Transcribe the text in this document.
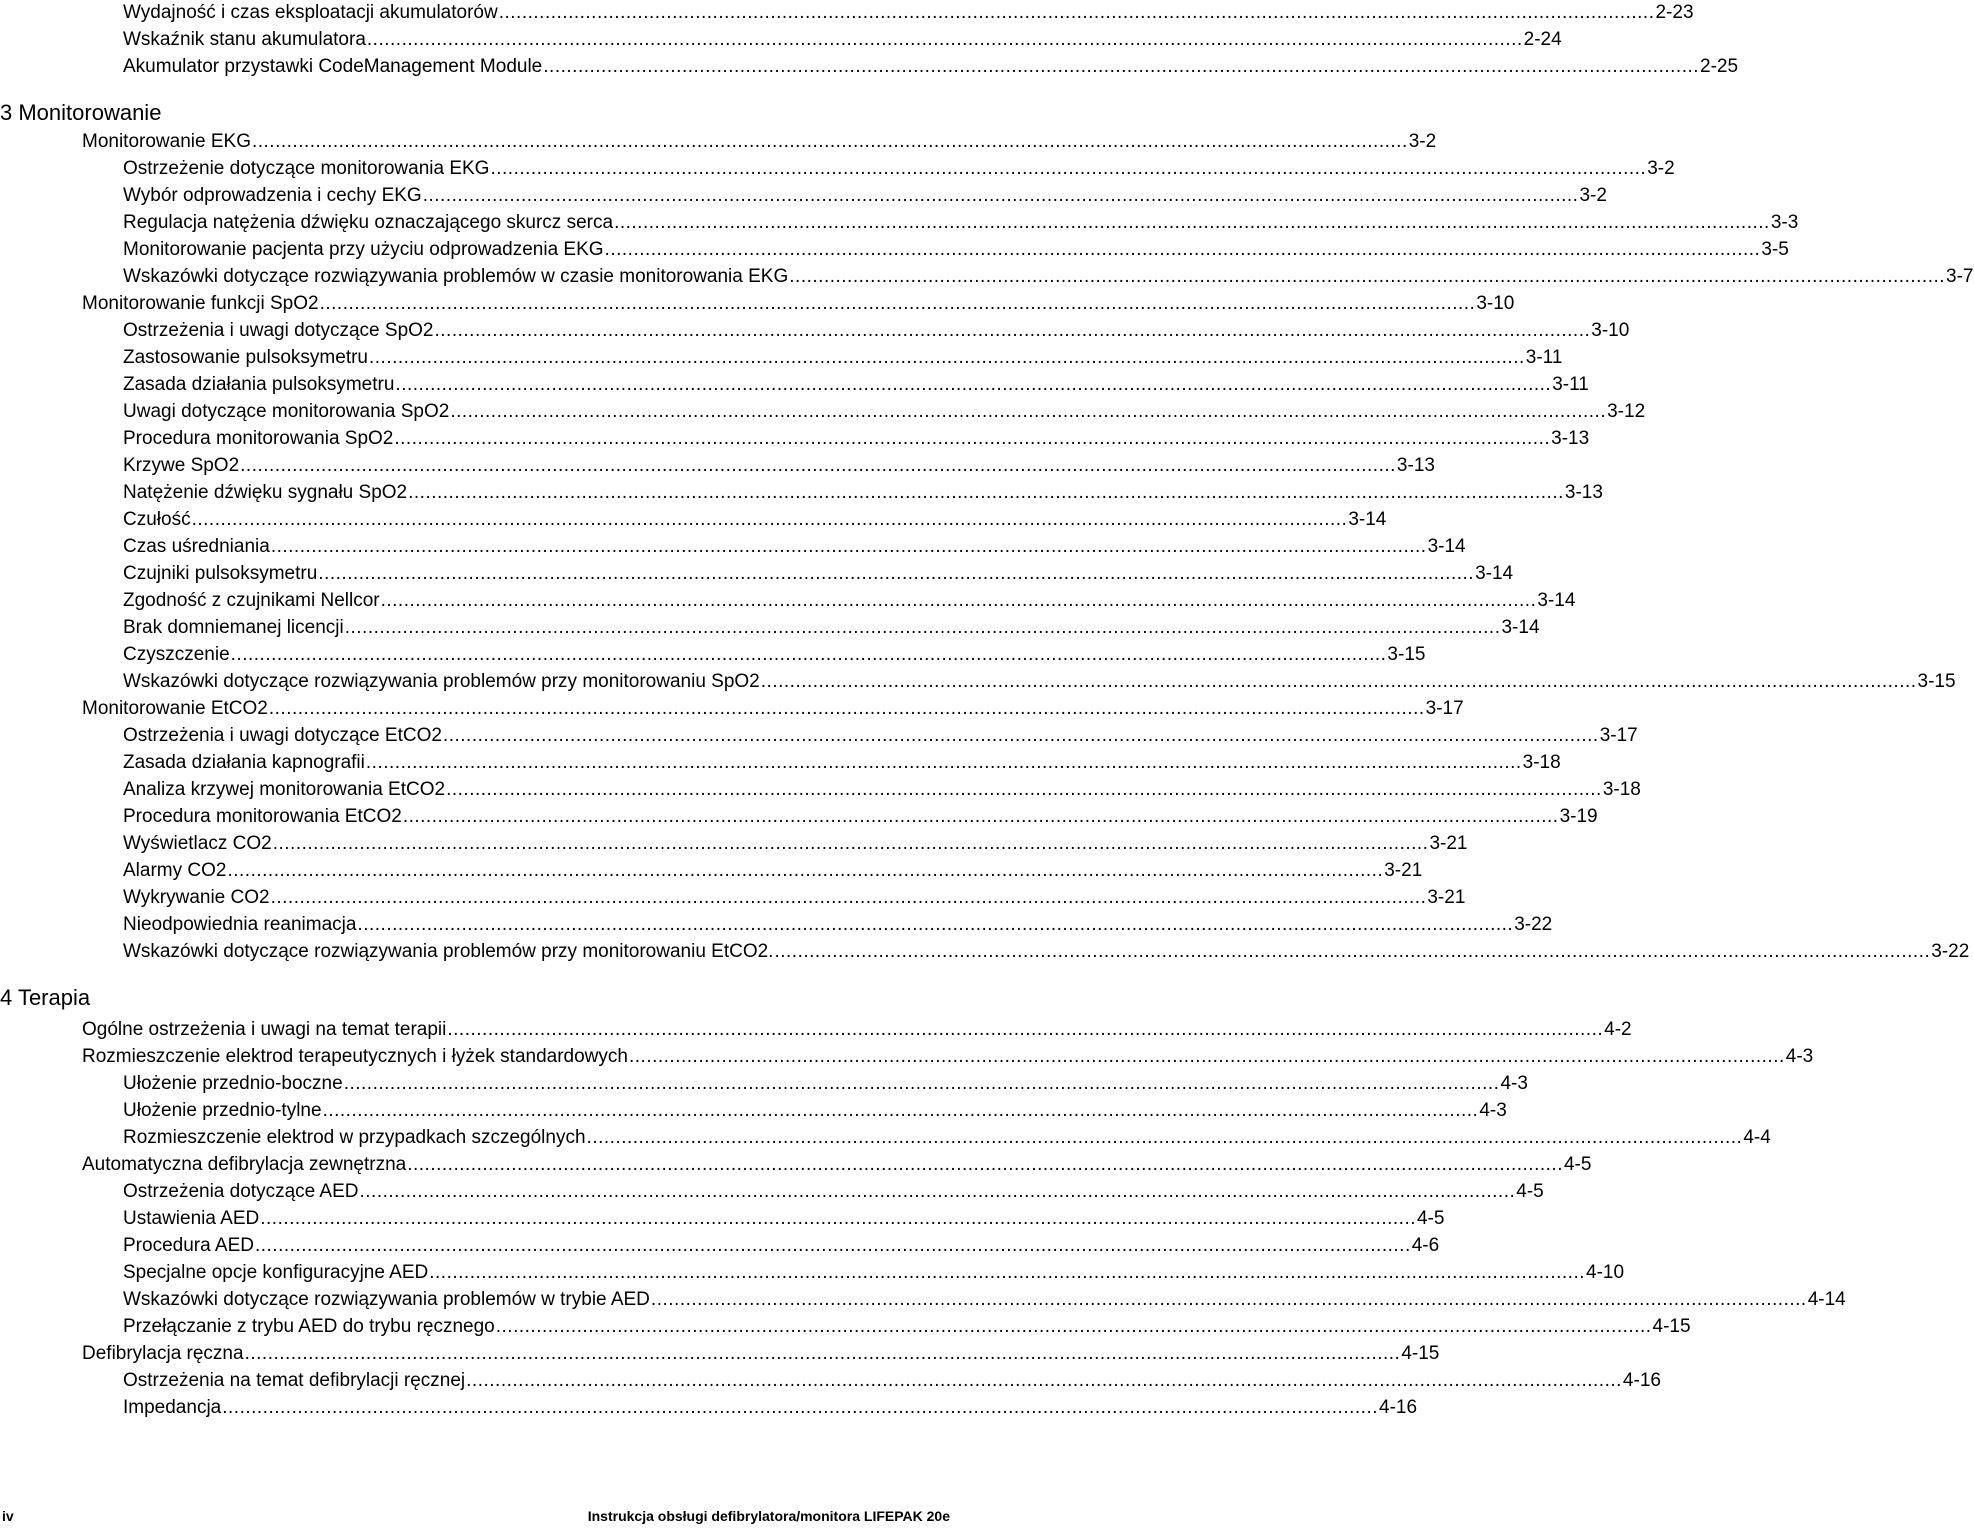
Wydajność i czas eksploatacji akumulatorów ........................................................................................................................................................................................................ 2-23
Wskaźnik stanu akumulatora ........................................................................................................................................................................................................ 2-24
Akumulator przystawki CodeManagement Module ........................................................................................................................................................................................................ 2-25
3 Monitorowanie
Monitorowanie EKG ........................................................................................................................................................................................................ 3-2
Ostrzeżenie dotyczące monitorowania EKG ........................................................................................................................................................................................................ 3-2
Wybór odprowadzenia i cechy EKG ........................................................................................................................................................................................................ 3-2
Regulacja natężenia dźwięku oznaczającego skurcz serca ........................................................................................................................................................................................................ 3-3
Monitorowanie pacjenta przy użyciu odprowadzenia EKG ........................................................................................................................................................................................................ 3-5
Wskazówki dotyczące rozwiązywania problemów w czasie monitorowania EKG ........................................................................................................................................................................................................ 3-7
Monitorowanie funkcji SpO2 ........................................................................................................................................................................................................ 3-10
Ostrzeżenia i uwagi dotyczące SpO2 ........................................................................................................................................................................................................ 3-10
Zastosowanie pulsoksymetru ........................................................................................................................................................................................................ 3-11
Zasada działania pulsoksymetru ........................................................................................................................................................................................................ 3-11
Uwagi dotyczące monitorowania SpO2 ........................................................................................................................................................................................................ 3-12
Procedura monitorowania SpO2 ........................................................................................................................................................................................................ 3-13
Krzywe SpO2 ........................................................................................................................................................................................................ 3-13
Natężenie dźwięku sygnału SpO2 ........................................................................................................................................................................................................ 3-13
Czułość ........................................................................................................................................................................................................ 3-14
Czas uśredniania ........................................................................................................................................................................................................ 3-14
Czujniki pulsoksymetru ........................................................................................................................................................................................................ 3-14
Zgodność z czujnikami Nellcor ........................................................................................................................................................................................................ 3-14
Brak domniemanej licencji ........................................................................................................................................................................................................ 3-14
Czyszczenie ........................................................................................................................................................................................................ 3-15
Wskazówki dotyczące rozwiązywania problemów przy monitorowaniu SpO2 ........................................................................................................................................................................................................ 3-15
Monitorowanie EtCO2 ........................................................................................................................................................................................................ 3-17
Ostrzeżenia i uwagi dotyczące EtCO2 ........................................................................................................................................................................................................ 3-17
Zasada działania kapnografii ........................................................................................................................................................................................................ 3-18
Analiza krzywej monitorowania EtCO2 ........................................................................................................................................................................................................ 3-18
Procedura monitorowania EtCO2 ........................................................................................................................................................................................................ 3-19
Wyświetlacz CO2 ........................................................................................................................................................................................................ 3-21
Alarmy CO2 ........................................................................................................................................................................................................ 3-21
Wykrywanie CO2 ........................................................................................................................................................................................................ 3-21
Nieodpowiednia reanimacja ........................................................................................................................................................................................................ 3-22
Wskazówki dotyczące rozwiązywania problemów przy monitorowaniu EtCO2. ........................................................................................................................................................................................................ 3-22
4 Terapia
Ogólne ostrzeżenia i uwagi na temat terapii ........................................................................................................................................................................................................ 4-2
Rozmieszczenie elektrod terapeutycznych i łyżek standardowych ........................................................................................................................................................................................................ 4-3
Ułożenie przednio-boczne ........................................................................................................................................................................................................ 4-3
Ułożenie przednio-tylne ........................................................................................................................................................................................................ 4-3
Rozmieszczenie elektrod w przypadkach szczególnych ........................................................................................................................................................................................................ 4-4
Automatyczna defibrylacja zewnętrzna ........................................................................................................................................................................................................ 4-5
Ostrzeżenia dotyczące AED ........................................................................................................................................................................................................ 4-5
Ustawienia AED ........................................................................................................................................................................................................ 4-5
Procedura AED ........................................................................................................................................................................................................ 4-6
Specjalne opcje konfiguracyjne AED ........................................................................................................................................................................................................ 4-10
Wskazówki dotyczące rozwiązywania problemów w trybie AED ........................................................................................................................................................................................................ 4-14
Przełączanie z trybu AED do trybu ręcznego ........................................................................................................................................................................................................ 4-15
Defibrylacja ręczna ........................................................................................................................................................................................................ 4-15
Ostrzeżenia na temat defibrylacji ręcznej ........................................................................................................................................................................................................ 4-16
Impedancja ........................................................................................................................................................................................................ 4-16
iv	Instrukcja obsługi defibrylatora/monitora LIFEPAK 20e
